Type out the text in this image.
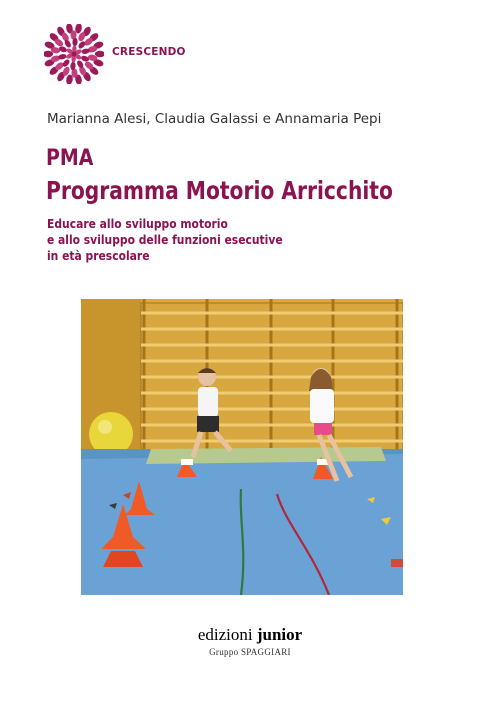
CRESCENDO
Marianna Alesi, Claudia Galassi e Annamaria Pepi
PMA
Programma Motorio Arricchito
Educare allo sviluppo motorio
e allo sviluppo delle funzioni esecutive
in età prescolare
edizioni junior
Gruppo SPAGGIARI
